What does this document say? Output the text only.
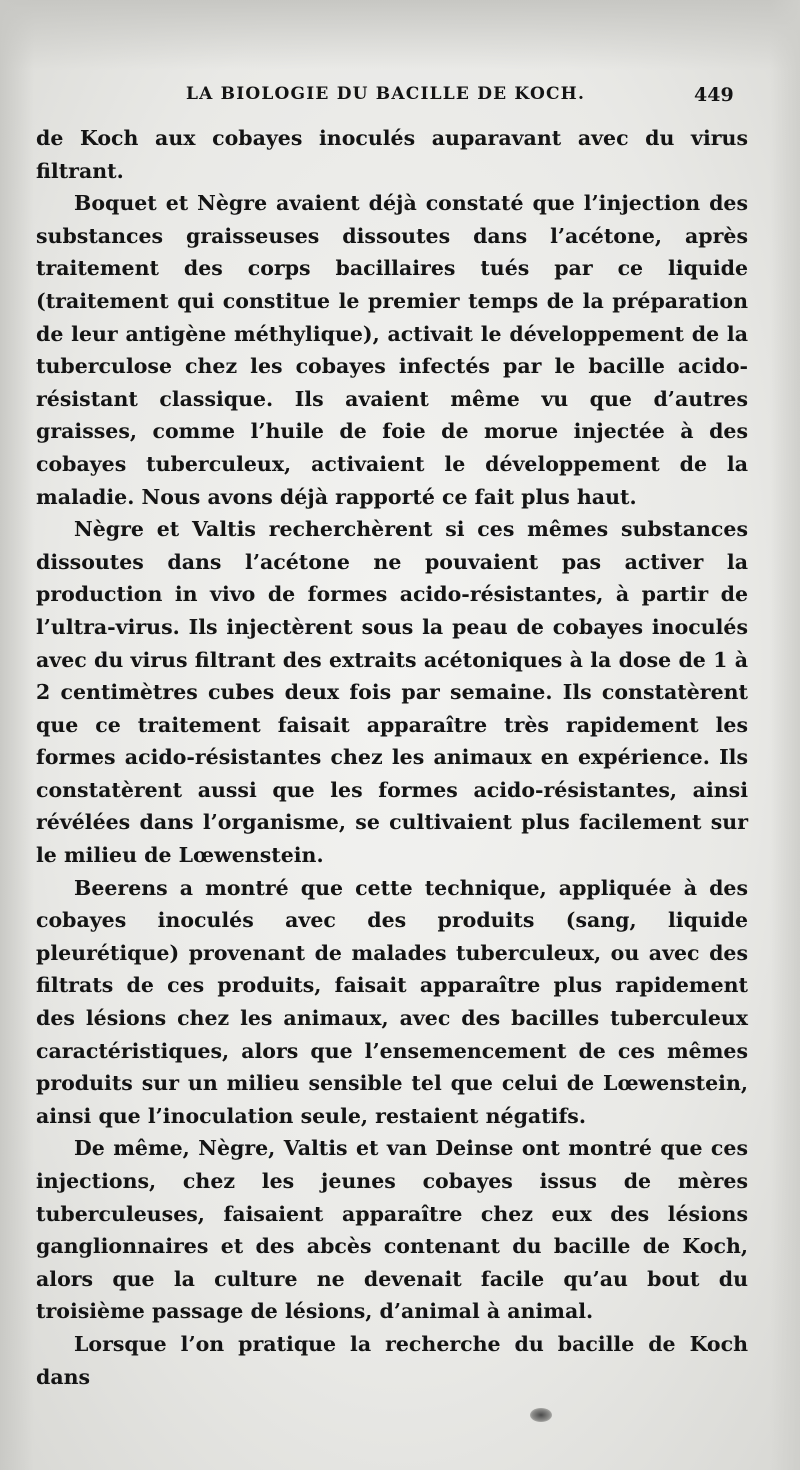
LA BIOLOGIE DU BACILLE DE KOCH.	449

de Koch aux cobayes inoculés auparavant avec du virus filtrant.

Boquet et Nègre avaient déjà constaté que l’injection des substances graisseuses dissoutes dans l’acétone, après traitement des corps bacillaires tués par ce liquide (traitement qui constitue le premier temps de la préparation de leur antigène méthylique), activait le développement de la tuberculose chez les cobayes infectés par le bacille acido-résistant classique. Ils avaient même vu que d’autres graisses, comme l’huile de foie de morue injectée à des cobayes tuberculeux, activaient le développement de la maladie. Nous avons déjà rapporté ce fait plus haut.

Nègre et Valtis recherchèrent si ces mêmes substances dissoutes dans l’acétone ne pouvaient pas activer la production in vivo de formes acido-résistantes, à partir de l’ultra-virus. Ils injectèrent sous la peau de cobayes inoculés avec du virus filtrant des extraits acétoniques à la dose de 1 à 2 centimètres cubes deux fois par semaine. Ils constatèrent que ce traitement faisait apparaître très rapidement les formes acido-résistantes chez les animaux en expérience. Ils constatèrent aussi que les formes acido-résistantes, ainsi révélées dans l’organisme, se cultivaient plus facilement sur le milieu de Lœwenstein.

Beerens a montré que cette technique, appliquée à des cobayes inoculés avec des produits (sang, liquide pleurétique) provenant de malades tuberculeux, ou avec des filtrats de ces produits, faisait apparaître plus rapidement des lésions chez les animaux, avec des bacilles tuberculeux caractéristiques, alors que l’ensemencement de ces mêmes produits sur un milieu sensible tel que celui de Lœwenstein, ainsi que l’inoculation seule, restaient négatifs.

De même, Nègre, Valtis et van Deinse ont montré que ces injections, chez les jeunes cobayes issus de mères tuberculeuses, faisaient apparaître chez eux des lésions ganglionnaires et des abcès contenant du bacille de Koch, alors que la culture ne devenait facile qu’au bout du troisième passage de lésions, d’animal à animal.

Lorsque l’on pratique la recherche du bacille de Koch dans
